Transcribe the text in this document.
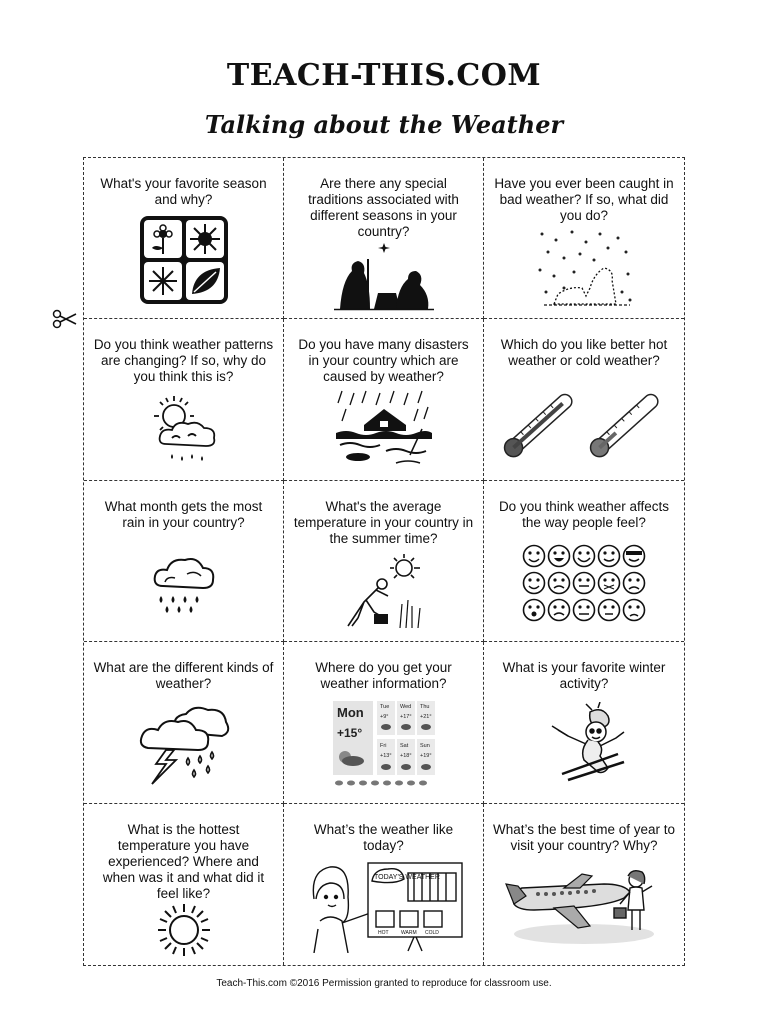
TEACH-THIS.COM
Talking about the Weather
What's your favorite season and why?
Are there any special traditions associated with different seasons in your country?
Have you ever been caught in bad weather? If so, what did you do?
Do you think weather patterns are changing? If so, why do you think this is?
Do you have many disasters in your country which are caused by weather?
Which do you like better hot weather or cold weather?
What month gets the most rain in your country?
What's the average temperature in your country in the summer time?
Do you think weather affects the way people feel?
What are the different kinds of weather?
Where do you get your weather information?
Mon
+15°
Tue Wed Thu
+9° +17° +21°
Fri Sat Sun
+13° +18° +19°
What is your favorite winter activity?
What is the hottest temperature you have experienced? Where and when was it and what did it feel like?
What’s the weather like today?
TODAY'S WEATHER
HOT WARM COLD
What’s the best time of year to visit your country? Why?
Teach-This.com ©2016 Permission granted to reproduce for classroom use.
